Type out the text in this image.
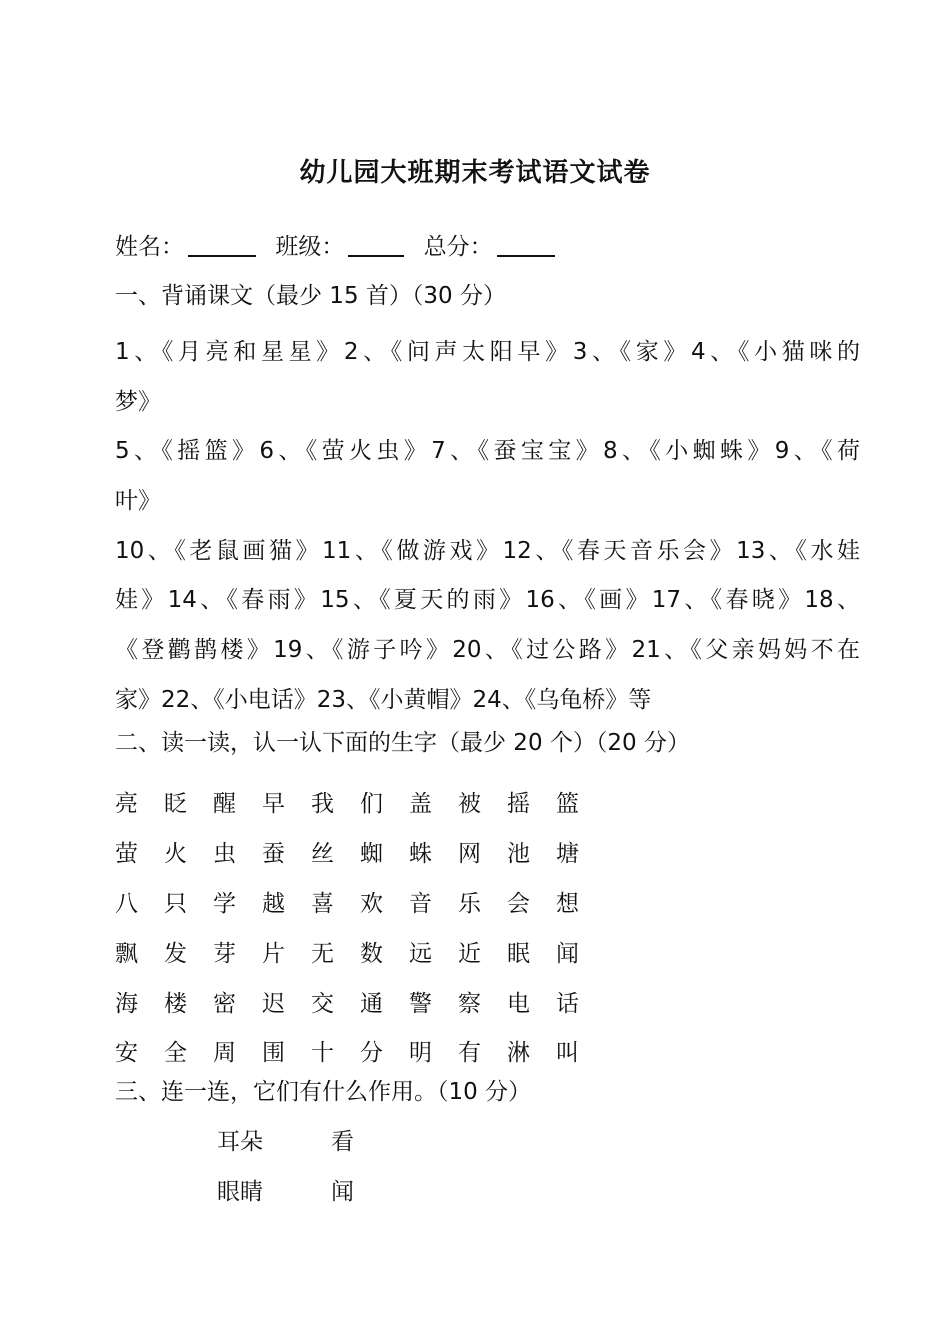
幼儿园大班期末考试语文试卷
姓名：	班级：	总分：
一、背诵课文（最少 15 首）（30 分）
1、《月亮和星星》2、《问声太阳早》3、《家》4、《小猫咪的
梦》
5、《摇篮》6、《萤火虫》7、《蚕宝宝》8、《小蜘蛛》9、《荷
叶》
10、《老鼠画猫》11、《做游戏》12、《春天音乐会》13、《水娃
娃》14、《春雨》15、《夏天的雨》16、《画》17、《春晓》18、
《登鹳鹊楼》19、《游子吟》20、《过公路》21、《父亲妈妈不在
家》22、《小电话》23、《小黄帽》24、《乌龟桥》等
二、读一读，认一认下面的生字（最少 20 个）（20 分）
亮	眨	醒	早	我	们	盖	被	摇	篮
萤	火	虫	蚕	丝	蜘	蛛	网	池	塘
八	只	学	越	喜	欢	音	乐	会	想
飘	发	芽	片	无	数	远	近	眠	闻
海	楼	密	迟	交	通	警	察	电	话
安	全	周	围	十	分	明	有	淋	叫
三、连一连，它们有什么作用。（10 分）
耳朵	看
眼睛	闻
